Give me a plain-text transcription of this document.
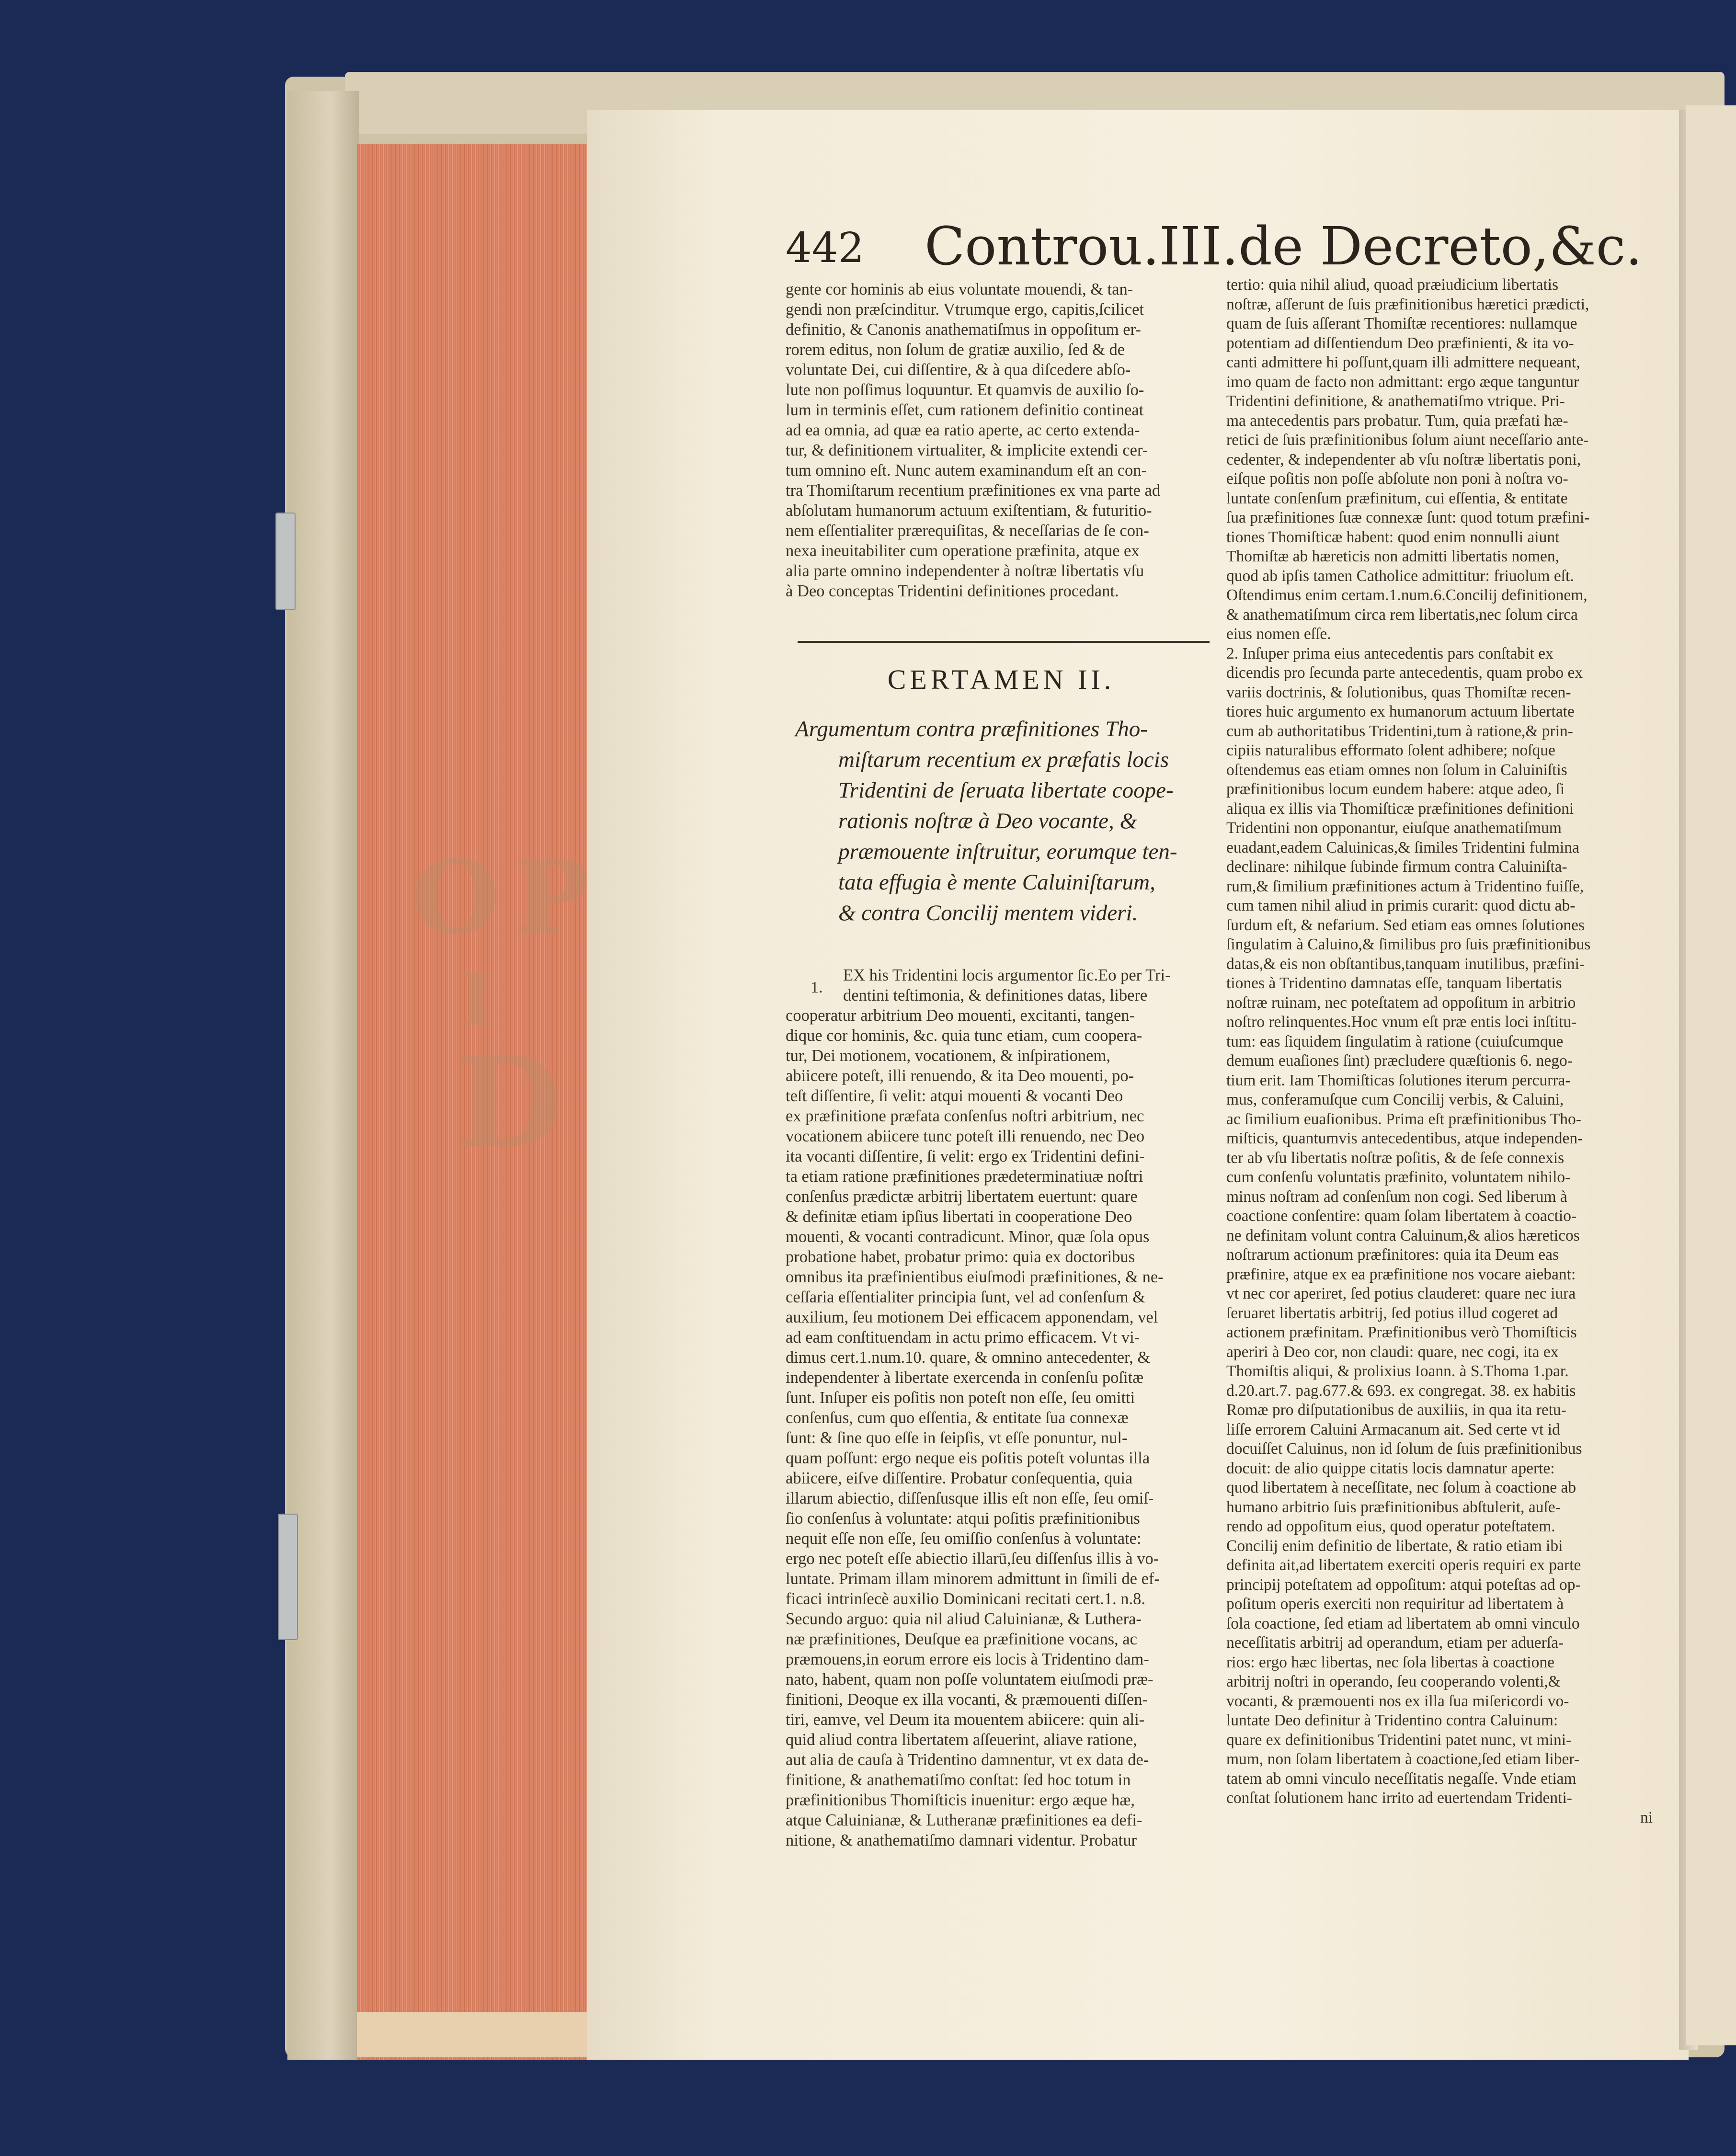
OP
I
D
442 Controu.III.de Decreto,&c.

gente cor hominis ab eius voluntate mouendi, & tan-

gendi non præſcinditur. Vtrumque ergo, capitis,ſcilicet

definitio, & Canonis anathematiſmus in oppoſitum er-

rorem editus, non ſolum de gratiæ auxilio, ſed & de

voluntate Dei, cui diſſentire, & à qua diſcedere abſo-

lute non poſſimus loquuntur. Et quamvis de auxilio ſo-

lum in terminis eſſet, cum rationem definitio contineat

ad ea omnia, ad quæ ea ratio aperte, ac certo extenda-

tur, & definitionem virtualiter, & implicite extendi cer-

tum omnino eſt. Nunc autem examinandum eſt an con-

tra Thomiſtarum recentium præfinitiones ex vna parte ad

abſolutam humanorum actuum exiſtentiam, & futuritio-

nem eſſentialiter prærequiſitas, & neceſſarias de ſe con-

nexa ineuitabiliter cum operatione præfinita, atque ex

alia parte omnino independenter à noſtræ libertatis vſu

à Deo conceptas Tridentini definitiones procedant.

CERTAMEN II.

Argumentum contra præfinitiones Tho-

miſtarum recentium ex præfatis locis

Tridentini de ſeruata libertate coope-

rationis noſtræ à Deo vocante, &

præmouente inſtruitur, eorumque ten-

tata effugia è mente Caluiniſtarum,

& contra Concilij mentem videri.

1.

EX his Tridentini locis argumentor ſic.Eo per Tri-

dentini teſtimonia, & definitiones datas, libere

cooperatur arbitrium Deo mouenti, excitanti, tangen-

dique cor hominis, &c. quia tunc etiam, cum coopera-

tur, Dei motionem, vocationem, & inſpirationem,

abiicere poteſt, illi renuendo, & ita Deo mouenti, po-

teſt diſſentire, ſi velit: atqui mouenti & vocanti Deo

ex præfinitione præfata conſenſus noſtri arbitrium, nec

vocationem abiicere tunc poteſt illi renuendo, nec Deo

ita vocanti diſſentire, ſi velit: ergo ex Tridentini defini-

ta etiam ratione præfinitiones prædeterminatiuæ noſtri

conſenſus prædictæ arbitrij libertatem euertunt: quare

& definitæ etiam ipſius libertati in cooperatione Deo

mouenti, & vocanti contradicunt. Minor, quæ ſola opus

probatione habet, probatur primo: quia ex doctoribus

omnibus ita præfinientibus eiuſmodi præfinitiones, & ne-

ceſſaria eſſentialiter principia ſunt, vel ad conſenſum &

auxilium, ſeu motionem Dei efficacem apponendam, vel

ad eam conſtituendam in actu primo efficacem. Vt vi-

dimus cert.1.num.10. quare, & omnino antecedenter, &

independenter à libertate exercenda in conſenſu poſitæ

ſunt. Inſuper eis poſitis non poteſt non eſſe, ſeu omitti

conſenſus, cum quo eſſentia, & entitate ſua connexæ

ſunt: & ſine quo eſſe in ſeipſis, vt eſſe ponuntur, nul-

quam poſſunt: ergo neque eis poſitis poteſt voluntas illa

abiicere, eiſve diſſentire. Probatur conſequentia, quia

illarum abiectio, diſſenſusque illis eſt non eſſe, ſeu omiſ-

ſio conſenſus à voluntate: atqui poſitis præfinitionibus

nequit eſſe non eſſe, ſeu omiſſio conſenſus à voluntate:

ergo nec poteſt eſſe abiectio illarū,ſeu diſſenſus illis à vo-

luntate. Primam illam minorem admittunt in ſimili de ef-

ficaci intrinſecè auxilio Dominicani recitati cert.1. n.8.

Secundo arguo: quia nil aliud Caluinianæ, & Luthera-

næ præfinitiones, Deuſque ea præfinitione vocans, ac

præmouens,in eorum errore eis locis à Tridentino dam-

nato, habent, quam non poſſe voluntatem eiuſmodi præ-

finitioni, Deoque ex illa vocanti, & præmouenti diſſen-

tiri, eamve, vel Deum ita mouentem abiicere: quin ali-

quid aliud contra libertatem aſſeuerint, aliave ratione,

aut alia de cauſa à Tridentino damnentur, vt ex data de-

finitione, & anathematiſmo conſtat: ſed hoc totum in

præfinitionibus Thomiſticis inuenitur: ergo æque hæ,

atque Caluinianæ, & Lutheranæ præfinitiones ea defi-

nitione, & anathematiſmo damnari videntur. Probatur

tertio: quia nihil aliud, quoad præiudicium libertatis

noſtræ, aſſerunt de ſuis præfinitionibus hæretici prædicti,

quam de ſuis aſſerant Thomiſtæ recentiores: nullamque

potentiam ad diſſentiendum Deo præfinienti, & ita vo-

canti admittere hi poſſunt,quam illi admittere nequeant,

imo quam de facto non admittant: ergo æque tanguntur

Tridentini definitione, & anathematiſmo vtrique. Pri-

ma antecedentis pars probatur. Tum, quia præfati hæ-

retici de ſuis præfinitionibus ſolum aiunt neceſſario ante-

cedenter, & independenter ab vſu noſtræ libertatis poni,

eiſque poſitis non poſſe abſolute non poni à noſtra vo-

luntate conſenſum præfinitum, cui eſſentia, & entitate

ſua præfinitiones ſuæ connexæ ſunt: quod totum præfini-

tiones Thomiſticæ habent: quod enim nonnulli aiunt

Thomiſtæ ab hæreticis non admitti libertatis nomen,

quod ab ipſis tamen Catholice admittitur: friuolum eſt.

Oſtendimus enim certam.1.num.6.Concilij definitionem,

& anathematiſmum circa rem libertatis,nec ſolum circa

eius nomen eſſe.

2. Inſuper prima eius antecedentis pars conſtabit ex

dicendis pro ſecunda parte antecedentis, quam probo ex

variis doctrinis, & ſolutionibus, quas Thomiſtæ recen-

tiores huic argumento ex humanorum actuum libertate

cum ab authoritatibus Tridentini,tum à ratione,& prin-

cipiis naturalibus efformato ſolent adhibere; noſque

oſtendemus eas etiam omnes non ſolum in Caluiniſtis

præfinitionibus locum eundem habere: atque adeo, ſi

aliqua ex illis via Thomiſticæ præfinitiones definitioni

Tridentini non opponantur, eiuſque anathematiſmum

euadant,eadem Caluinicas,& ſimiles Tridentini fulmina

declinare: nihilque ſubinde firmum contra Caluiniſta-

rum,& ſimilium præfinitiones actum à Tridentino fuiſſe,

cum tamen nihil aliud in primis curarit: quod dictu ab-

ſurdum eſt, & nefarium. Sed etiam eas omnes ſolutiones

ſingulatim à Caluino,& ſimilibus pro ſuis præfinitionibus

datas,& eis non obſtantibus,tanquam inutilibus, præfini-

tiones à Tridentino damnatas eſſe, tanquam libertatis

noſtræ ruinam, nec poteſtatem ad oppoſitum in arbitrio

noſtro relinquentes.Hoc vnum eſt præ entis loci inſtitu-

tum: eas ſiquidem ſingulatim à ratione (cuiuſcumque

demum euaſiones ſint) præcludere quæſtionis 6. nego-

tium erit. Iam Thomiſticas ſolutiones iterum percurra-

mus, conferamuſque cum Concilij verbis, & Caluini,

ac ſimilium euaſionibus. Prima eſt præfinitionibus Tho-

miſticis, quantumvis antecedentibus, atque independen-

ter ab vſu libertatis noſtræ poſitis, & de ſeſe connexis

cum conſenſu voluntatis præfinito, voluntatem nihilo-

minus noſtram ad conſenſum non cogi. Sed liberum à

coactione conſentire: quam ſolam libertatem à coactio-

ne definitam volunt contra Caluinum,& alios hæreticos

noſtrarum actionum præfinitores: quia ita Deum eas

præfinire, atque ex ea præfinitione nos vocare aiebant:

vt nec cor aperiret, ſed potius clauderet: quare nec iura

ſeruaret libertatis arbitrij, ſed potius illud cogeret ad

actionem præfinitam. Præfinitionibus verò Thomiſticis

aperiri à Deo cor, non claudi: quare, nec cogi, ita ex

Thomiſtis aliqui, & prolixius Ioann. à S.Thoma 1.par.

d.20.art.7. pag.677.& 693. ex congregat. 38. ex habitis

Romæ pro diſputationibus de auxiliis, in qua ita retu-

liſſe errorem Caluini Armacanum ait. Sed certe vt id

docuiſſet Caluinus, non id ſolum de ſuis præfinitionibus

docuit: de alio quippe citatis locis damnatur aperte:

quod libertatem à neceſſitate, nec ſolum à coactione ab

humano arbitrio ſuis præfinitionibus abſtulerit, auſe-

rendo ad oppoſitum eius, quod operatur poteſtatem.

Concilij enim definitio de libertate, & ratio etiam ibi

definita ait,ad libertatem exerciti operis requiri ex parte

principij poteſtatem ad oppoſitum: atqui poteſtas ad op-

poſitum operis exerciti non requiritur ad libertatem à

ſola coactione, ſed etiam ad libertatem ab omni vinculo

neceſſitatis arbitrij ad operandum, etiam per aduerſa-

rios: ergo hæc libertas, nec ſola libertas à coactione

arbitrij noſtri in operando, ſeu cooperando volenti,&

vocanti, & præmouenti nos ex illa ſua miſericordi vo-

luntate Deo definitur à Tridentino contra Caluinum:

quare ex definitionibus Tridentini patet nunc, vt mini-

mum, non ſolam libertatem à coactione,ſed etiam liber-

tatem ab omni vinculo neceſſitatis negaſſe. Vnde etiam

conſtat ſolutionem hanc irrito ad euertendam Tridenti-

ni
